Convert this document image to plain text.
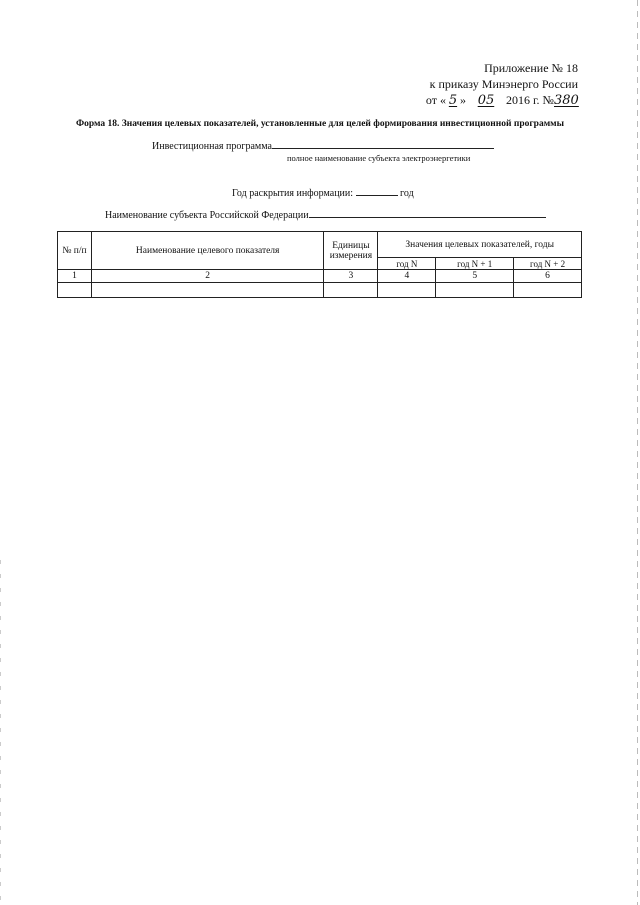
Приложение № 18
к приказу Минэнерго России
от « 5 » 05 2016 г. №380
Форма 18. Значения целевых показателей, установленные для целей формирования инвестиционной программы
Инвестиционная программа
полное наименование субъекта электроэнергетики
Год раскрытия информации:	год
Наименование субъекта Российской Федерации
№ п/п	Наименование целевого показателя	Единицы измерения	Значения целевых показателей, годы		
			год N	год N + 1	год N + 2
1	2	3	4	5	6
